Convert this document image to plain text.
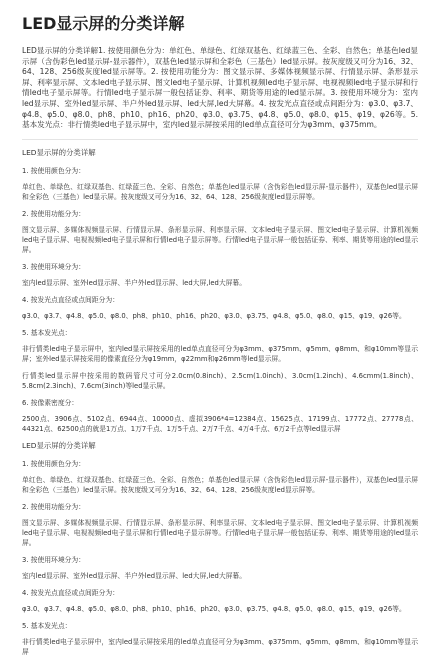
LED显示屏的分类详解

LED显示屏的分类详解1. 按使用颜色分为：单红色、单绿色、红绿双基色、红绿蓝三色、全彩、自然色；单基色led显示屏（含伪彩色led显示屏-显示器件），双基色led显示屏和全彩色（三基色）led显示屏。按灰度级又可分为16、32、64、128、256级灰度led显示屏等。2. 按使用功能分为：图文显示屏、多媒体视频显示屏、行情显示屏、条形显示屏、利率显示屏、文本led电子显示屏、图文led电子显示屏、计算机视频led电子显示屏、电视视频led电子显示屏和行情led电子显示屏等。行情led电子显示屏一般包括证券、利率、期货等用途的led显示屏。3. 按使用环境分为：室内led显示屏、室外led显示屏、半户外led显示屏、led大屏,led大屏幕。4. 按发光点直径或点间距分为：φ3.0、φ3.7、φ4.8、φ5.0、φ8.0、ph8、ph10、ph16、ph20、φ3.0、φ3.75、φ4.8、φ5.0、φ8.0、φ15、φ19、φ26等。5. 基本发光点：非行情类led电子显示屏中，室内led显示屏按采用的led单点直径可分为φ3mm、φ375mm。

LED显示屏的分类详解

1. 按使用颜色分为：

单红色、单绿色、红绿双基色、红绿蓝三色、全彩、自然色；单基色led显示屏（含伪彩色led显示屏-显示器件），双基色led显示屏和全彩色（三基色）led显示屏。按灰度级又可分为16、32、64、128、256级灰度led显示屏等。

2. 按使用功能分为：

图文显示屏、多媒体视频显示屏、行情显示屏、条形显示屏、利率显示屏、文本led电子显示屏、图文led电子显示屏、计算机视频led电子显示屏、电视视频led电子显示屏和行情led电子显示屏等。行情led电子显示屏一般包括证券、利率、期货等用途的led显示屏。

3. 按使用环境分为：

室内led显示屏、室外led显示屏、半户外led显示屏、led大屏,led大屏幕。

4. 按发光点直径或点间距分为：

φ3.0、φ3.7、φ4.8、φ5.0、φ8.0、ph8、ph10、ph16、ph20、φ3.0、φ3.75、φ4.8、φ5.0、φ8.0、φ15、φ19、φ26等。

5. 基本发光点：

非行情类led电子显示屏中，室内led显示屏按采用的led单点直径可分为φ3mm、φ375mm、φ5mm、φ8mm、和φ10mm等显示屏；室外led显示屏按采用的像素直径分为φ19mm，φ22mm和φ26mm等led显示屏。

行情类led显示屏中按采用的数码管尺寸可分2.0cm(0.8inch)、2.5cm(1.0inch)、3.0cm(1.2inch)、4.6cmm(1.8inch)、5.8cm(2.3inch)、7.6cm(3inch)等led显示屏。

6. 按像素密度分：

2500点、3906点、5102点、6944点、10000点、虚拟3906*4=12384点、15625点、17199点、17772点、27778点、44321点、62500点的就是1万点、1万7千点、1万5千点、2万7千点、4万4千点、6万2千点等led显示屏

LED显示屏的分类详解

1. 按使用颜色分为：

单红色、单绿色、红绿双基色、红绿蓝三色、全彩、自然色；单基色led显示屏（含伪彩色led显示屏-显示器件），双基色led显示屏和全彩色（三基色）led显示屏。按灰度级又可分为16、32、64、128、256级灰度led显示屏等。

2. 按使用功能分为：

图文显示屏、多媒体视频显示屏、行情显示屏、条形显示屏、利率显示屏、文本led电子显示屏、图文led电子显示屏、计算机视频led电子显示屏、电视视频led电子显示屏和行情led电子显示屏等。行情led电子显示屏一般包括证券、利率、期货等用途的led显示屏。

3. 按使用环境分为：

室内led显示屏、室外led显示屏、半户外led显示屏、led大屏,led大屏幕。

4. 按发光点直径或点间距分为：

φ3.0、φ3.7、φ4.8、φ5.0、φ8.0、ph8、ph10、ph16、ph20、φ3.0、φ3.75、φ4.8、φ5.0、φ8.0、φ15、φ19、φ26等。

5. 基本发光点：

非行情类led电子显示屏中，室内led显示屏按采用的led单点直径可分为φ3mm、φ375mm、φ5mm、φ8mm、和φ10mm等显示屏
